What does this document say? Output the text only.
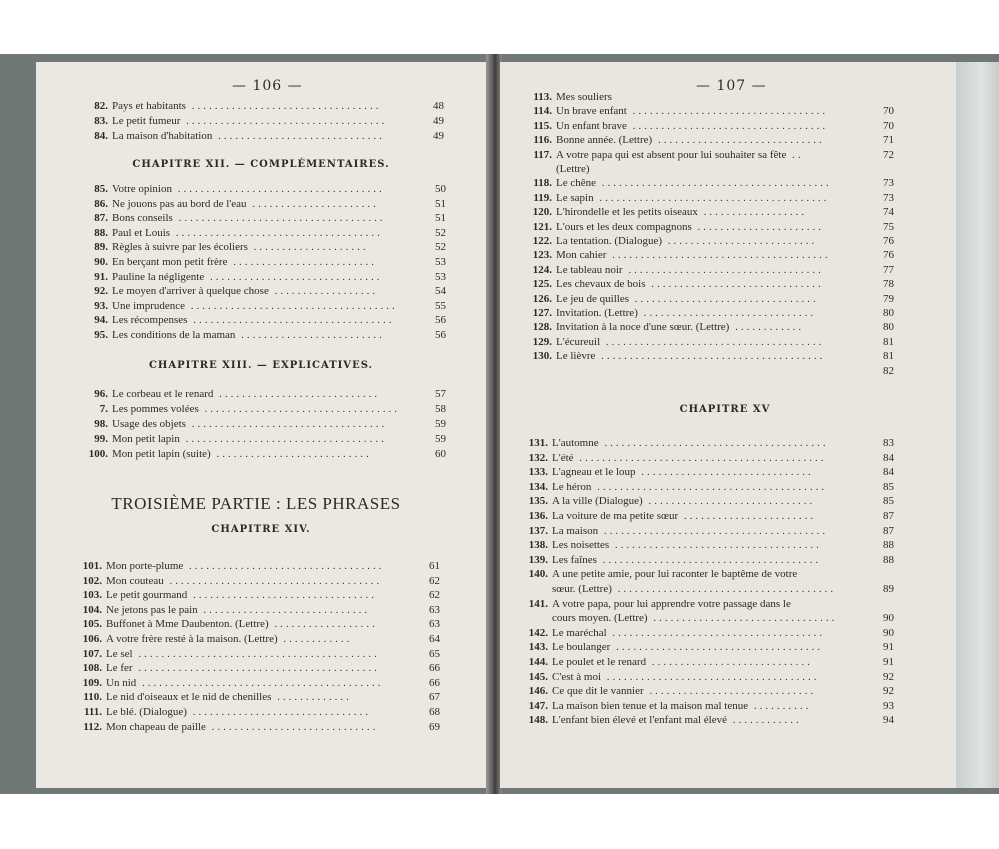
— 106 —
82. Pays et habitants .................................	48
83. Le petit fumeur ...................................	49
84. La maison d'habitation .............................	49
CHAPITRE XII. — COMPLÉMENTAIRES.
85. Votre opinion ....................................	50
86. Ne jouons pas au bord de l'eau ......................	51
87. Bons conseils ....................................	51
88. Paul et Louis ....................................	52
89. Règles à suivre par les écoliers ....................	52
90. En berçant mon petit frère .........................	53
91. Pauline la négligente ..............................	53
92. Le moyen d'arriver à quelque chose ..................	54
93. Une imprudence ....................................	55
94. Les récompenses ...................................	56
95. Les conditions de la maman .........................	56
CHAPITRE XIII. — EXPLICATIVES.
96. Le corbeau et le renard ............................	57
7. Les pommes volées ..................................	58
98. Usage des objets ..................................	59
99. Mon petit lapin ...................................	59
100. Mon petit lapin (suite) ...........................	60
TROISIÈME PARTIE : LES PHRASES
CHAPITRE XIV.
101. Mon porte-plume ..................................	61
102. Mon couteau .....................................	62
103. Le petit gourmand ................................	62
104. Ne jetons pas le pain .............................	63
105. Buffonet à Mme Daubenton. (Lettre) ..................	63
106. A votre frère resté à la maison. (Lettre) ............	64
107. Le sel ..........................................	65
108. Le fer ..........................................	66
109. Un nid ..........................................	66
110. Le nid d'oiseaux et le nid de chenilles .............	67
111. Le blé. (Dialogue) ...............................	68
112. Mon chapeau de paille .............................	69
— 107 —
113. Mes souliers
114. Un brave enfant ..................................	70
115. Un enfant brave ..................................	70
116. Bonne année. (Lettre) .............................	71
117. A votre papa qui est absent pour lui souhaiter sa fête ..	72
(Lettre)
118. Le chêne ........................................	73
119. Le sapin ........................................	73
120. L'hirondelle et les petits oiseaux ..................	74
121. L'ours et les deux compagnons ......................	75
122. La tentation. (Dialogue) ..........................	76
123. Mon cahier ......................................	76
124. Le tableau noir ..................................	77
125. Les chevaux de bois ..............................	78
126. Le jeu de quilles ................................	79
127. Invitation. (Lettre) ..............................	80
128. Invitation à la noce d'une sœur. (Lettre) ............	80
129. L'écureuil ......................................	81
130. Le lièvre .......................................	81
82
CHAPITRE XV
131. L'automne .......................................	83
132. L'été ...........................................	84
133. L'agneau et le loup ..............................	84
134. Le héron ........................................	85
135. A la ville (Dialogue) .............................	85
136. La voiture de ma petite sœur .......................	87
137. La maison .......................................	87
138. Les noisettes ....................................	88
139. Les faînes ......................................	88
140. A une petite amie, pour lui raconter le baptême de votre
sœur. (Lettre) ......................................	89
141. A votre papa, pour lui apprendre votre passage dans le
cours moyen. (Lettre) ................................	90
142. Le maréchal .....................................	90
143. Le boulanger ....................................	91
144. Le poulet et le renard ............................	91
145. C'est à moi .....................................	92
146. Ce que dit le vannier .............................	92
147. La maison bien tenue et la maison mal tenue ..........	93
148. L'enfant bien élevé et l'enfant mal élevé ............	94
